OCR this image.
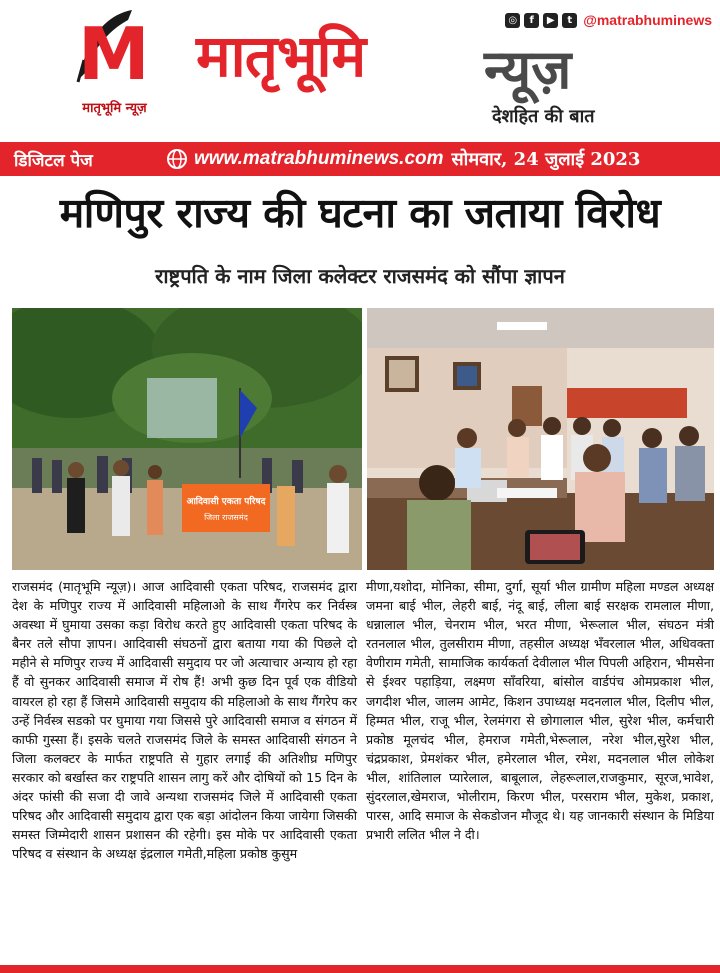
M
मातृभूमि न्यूज़
मातृभूमि न्यूज़
देशहित की बात
◎	f	▶	t @matrabhuminews
डिजिटल पेज	www.matrabhuminews.com सोमवार, 24 जुलाई 2023
मणिपुर राज्य की घटना का जताया विरोध
राष्ट्रपति के नाम जिला कलेक्टर राजसमंद को सौंपा ज्ञापन
आदिवासी एकता परिषद
जिला राजसमंद
राजसमंद (मातृभूमि न्यूज़)। आज आदिवासी एकता परिषद, राजसमंद द्वारा देश के मणिपुर राज्य में आदिवासी महिलाओ के साथ गैंगरेप कर निर्वस्त्र अवस्था में घुमाया उसका कड़ा विरोध करते हुए आदिवासी एकता परिषद के बैनर तले सौपा ज्ञापन। आदिवासी संघठनों द्वारा बताया गया की पिछले दो महीने से मणिपुर राज्य में आदिवासी समुदाय पर जो अत्याचार अन्याय हो रहा हैं वो सुनकर आदिवासी समाज में रोष हैं! अभी कुछ दिन पूर्व एक वीडियो वायरल हो रहा हैं जिसमे आदिवासी समुदाय की महिलाओ के साथ गैंगरेप कर उन्हें निर्वस्त्र सडको पर घुमाया गया जिससे पुरे आदिवासी समाज व संगठन में काफी गुस्सा हैं। इसके चलते राजसमंद जिले के समस्त आदिवासी संगठन ने जिला कलक्टर के मार्फत राष्ट्रपति से गुहार लगाई की अतिशीघ्र मणिपुर सरकार को बर्खास्त कर राष्ट्रपति शासन लागु करें और दोषियों को 15 दिन के अंदर फांसी की सजा दी जावे अन्यथा राजसमंद जिले में आदिवासी एकता परिषद और आदिवासी समुदाय द्वारा एक बड़ा आंदोलन किया जायेगा जिसकी समस्त जिम्मेदारी शासन प्रशासन की रहेगी। इस मोके पर आदिवासी एकता परिषद व संस्थान के अध्यक्ष इंद्रलाल गमेती,महिला प्रकोष्ठ कुसुम
मीणा,यशोदा, मोनिका, सीमा, दुर्गा, सूर्या भील ग्रामीण महिला मण्डल अध्यक्ष जमना बाई भील, लेहरी बाई, नंदू बाई, लीला बाई सरक्षक रामलाल मीणा, धन्नालाल भील, चेनराम भील, भरत मीणा, भेरूलाल भील, संघठन मंत्री रतनलाल भील, तुलसीराम मीणा, तहसील अध्यक्ष भँवरलाल भील, अधिवक्ता वेणीराम गमेती, सामाजिक कार्यकर्ता देवीलाल भील पिपली अहिरान, भीमसेना से ईश्वर पहाड़िया, लक्ष्मण साँवरिया, बांसोल वार्डपंच ओमप्रकाश भील, जगदीश भील, जालम आमेट, किशन उपाध्यक्ष मदनलाल भील, दिलीप भील, हिम्मत भील, राजू भील, रेलमंगरा से छोगालाल भील, सुरेश भील, कर्मचारी प्रकोष्ठ मूलचंद भील, हेमराज गमेती,भेरूलाल, नरेश भील,सुरेश भील, चंद्रप्रकाश, प्रेमशंकर भील, हमेरलाल भील, रमेश, मदनलाल भील लोकेश भील, शांतिलाल प्यारेलाल, बाबूलाल, लेहरूलाल,राजकुमार, सूरज,भावेश, सुंदरलाल,खेमराज, भोलीराम, किरण भील, परसराम भील, मुकेश, प्रकाश, पारस, आदि समाज के सेकडोजन मौजूद थे। यह जानकारी संस्थान के मिडिया प्रभारी ललित भील ने दी।
